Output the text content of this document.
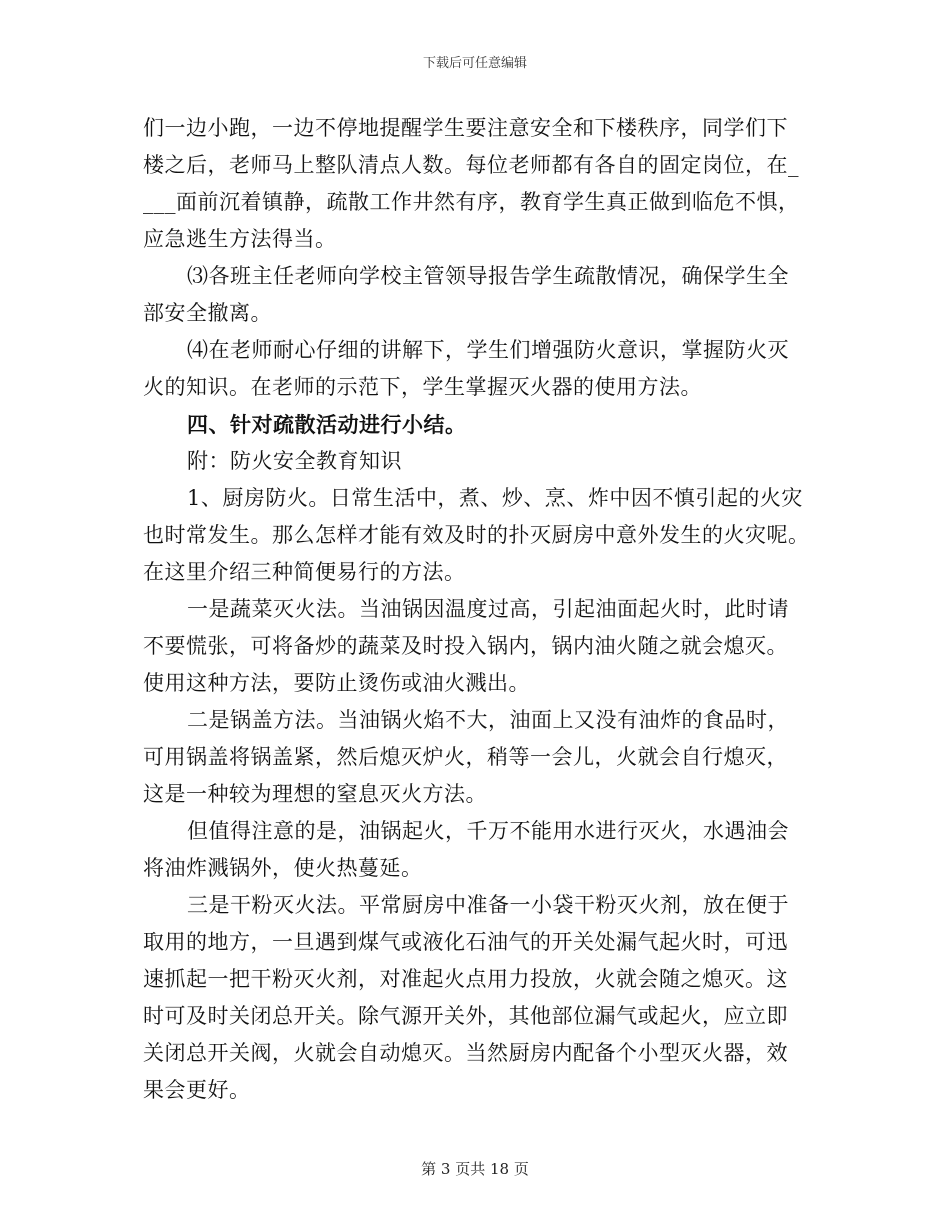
下载后可任意编辑
们一边小跑，一边不停地提醒学生要注意安全和下楼秩序，同学们下
楼之后，老师马上整队清点人数。每位老师都有各自的固定岗位，在_
___面前沉着镇静，疏散工作井然有序，教育学生真正做到临危不惧，
应急逃生方法得当。
⑶各班主任老师向学校主管领导报告学生疏散情况，确保学生全
部安全撤离。
⑷在老师耐心仔细的讲解下，学生们增强防火意识，掌握防火灭
火的知识。在老师的示范下，学生掌握灭火器的使用方法。
四、针对疏散活动进行小结。
附：防火安全教育知识
1、厨房防火。日常生活中，煮、炒、烹、炸中因不慎引起的火灾
也时常发生。那么怎样才能有效及时的扑灭厨房中意外发生的火灾呢。
在这里介绍三种简便易行的方法。
一是蔬菜灭火法。当油锅因温度过高，引起油面起火时，此时请
不要慌张，可将备炒的蔬菜及时投入锅内，锅内油火随之就会熄灭。
使用这种方法，要防止烫伤或油火溅出。
二是锅盖方法。当油锅火焰不大，油面上又没有油炸的食品时，
可用锅盖将锅盖紧，然后熄灭炉火，稍等一会儿，火就会自行熄灭，
这是一种较为理想的窒息灭火方法。
但值得注意的是，油锅起火，千万不能用水进行灭火，水遇油会
将油炸溅锅外，使火热蔓延。
三是干粉灭火法。平常厨房中准备一小袋干粉灭火剂，放在便于
取用的地方，一旦遇到煤气或液化石油气的开关处漏气起火时，可迅
速抓起一把干粉灭火剂，对准起火点用力投放，火就会随之熄灭。这
时可及时关闭总开关。除气源开关外，其他部位漏气或起火，应立即
关闭总开关阀，火就会自动熄灭。当然厨房内配备个小型灭火器，效
果会更好。
第 3 页共 18 页
